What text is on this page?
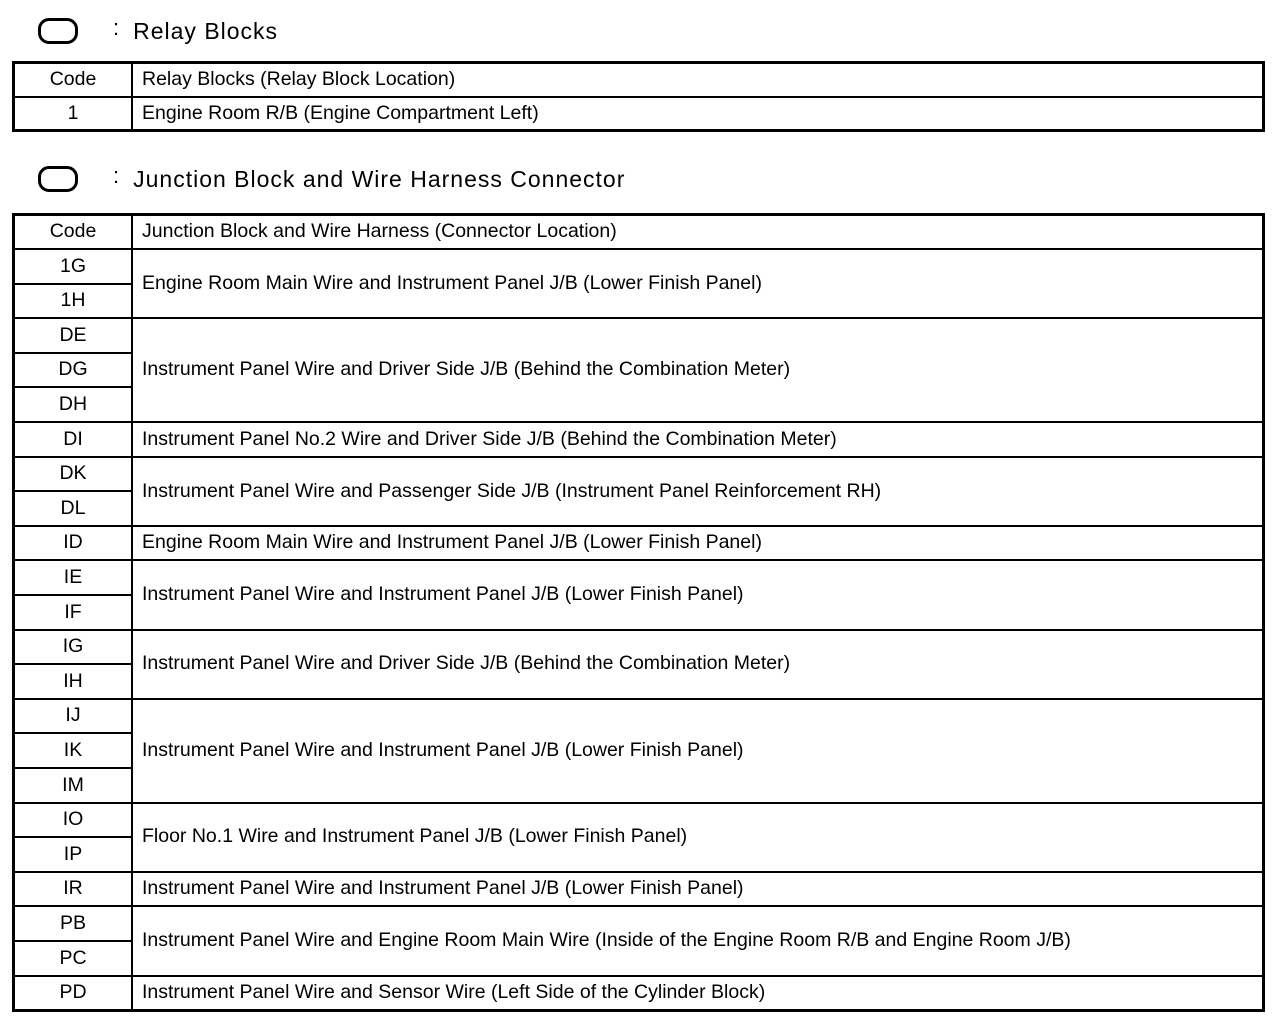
: Relay Blocks
Code	Relay Blocks (Relay Block Location)
1	Engine Room R/B (Engine Compartment Left)
: Junction Block and Wire Harness Connector
Code	Junction Block and Wire Harness (Connector Location)
1G	Engine Room Main Wire and Instrument Panel J/B (Lower Finish Panel)
1H	
DE	Instrument Panel Wire and Driver Side J/B (Behind the Combination Meter)
DG	
DH	
DI	Instrument Panel No.2 Wire and Driver Side J/B (Behind the Combination Meter)
DK	Instrument Panel Wire and Passenger Side J/B (Instrument Panel Reinforcement RH)
DL	
ID	Engine Room Main Wire and Instrument Panel J/B (Lower Finish Panel)
IE	Instrument Panel Wire and Instrument Panel J/B (Lower Finish Panel)
IF	
IG	Instrument Panel Wire and Driver Side J/B (Behind the Combination Meter)
IH	
IJ	Instrument Panel Wire and Instrument Panel J/B (Lower Finish Panel)
IK	
IM	
IO	Floor No.1 Wire and Instrument Panel J/B (Lower Finish Panel)
IP	
IR	Instrument Panel Wire and Instrument Panel J/B (Lower Finish Panel)
PB	Instrument Panel Wire and Engine Room Main Wire (Inside of the Engine Room R/B and Engine Room J/B)
PC	
PD	Instrument Panel Wire and Sensor Wire (Left Side of the Cylinder Block)
